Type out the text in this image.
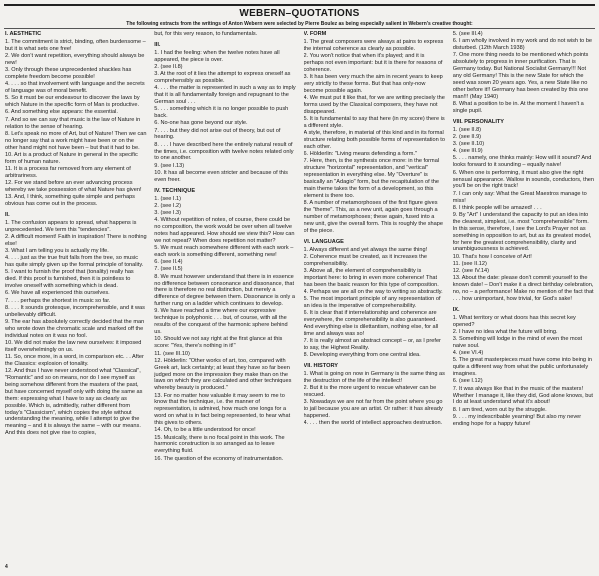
WEBERN–QUOTATIONS
The following extracts from the writings of Anton Webern were selected by Pierre Boulez as being especially salient in Webern's creative thought:

I. AESTHETIC

1. The commitment is strict, binding, often burdensome – but it is what sets one free!

2. We don't want repetition, everything should always be new!

3. Only through these unprecedented shackles has complete freedom become possible!

4. . . . so that involvement with language and the secrets of language was of moral benefit.

5. So it must be our endeavour to discover the laws by which Nature in the specific form of Man is productive.

6. And something else appears: the essential.

7. And so we can say that music is the law of Nature in relation to the sense of hearing.

8. Let's speak no more of Art, but of Nature! Then we can no longer say that a work might have been or on the other hand might not have been – but that it had to be.

10. Art is a product of Nature in general in the specific form of human nature.

11. It is a process far removed from any element of arbitrariness.

12. For we stand before an ever advancing process whereby we take possession of what Nature has given!

13. And, I think, something quite simple and perhaps obvious has come out in the process.

II.

1. The confusion appears to spread, what happens is unprecedented. We term this "tendencies".

2. A difficult moment! Faith in inspiration! There is nothing else!

3. What I am telling you is actually my life.

4. . . . just as the true fruit falls from the tree, so music has quite simply given up the formal principle of tonality.

5. I want to furnish the proof that (tonality) really has died. If this proof is furnished, then it is pointless to involve oneself with something which is dead.

6. We have all experienced this ourselves.

7. . . . perhaps the shortest in music so far.

8. . . . It sounds grotesque, incomprehensible, and it was unbelievably difficult.

9. The ear has absolutely correctly decided that the man who wrote down the chromatic scale and marked off the individual notes on it was no fool.

10. We did not make the law new ourselves: it imposed itself overwhelmingly on us.

11. So, once more, in a word, in comparison etc. . . After the Classics: explosion of tonality.

12. And thus I have never understood what "Classical", "Romantic" and so on means, nor do I see myself as being somehow different from the masters of the past, but have concerned myself only with doing the same as them: expressing what I have to say as clearly as possible. Which is, admittedly, rather different from today's "Classicism", which copies the style without understanding the meaning, while I attempt to give the meaning – and it is always the same – with our means. And this does not give rise to copies,

but, for this very reason, to fundamentals.

III.

1. I had the feeling: when the twelve notes have all appeared, the piece is over.

2. (see II.8)

3. At the root of it lies the attempt to express oneself as comprehensibly as possible.

4. . . . the matter is represented in such a way as to imply that it is all fundamentally foreign and repugnant to the German soul . . .

5. . . . something which it is no longer possible to push back.

6. No-one has gone beyond our style.

7. . . . but they did not arise out of theory, but out of hearing.

8. . . . I have described here the entirely natural result of the times, i.e. composition with twelve notes related only to one another.

9. (see I.13)

10. It has all become even stricter and because of this even freer.

IV. TECHNIQUE

1. (see I.1)

2. (see I.2)

3. (see I.3)

4. Without repetition of notes, of course, there could be no composition, the work would be over when all twelve notes had appeared. How should we view this? How can we not repeat? When does repetition not matter?

5. We must reach somewhere different with each work – each work is something different, something new!

6. (see II.4)

7. (see II.5)

8. We must however understand that there is in essence no difference between consonance and dissonance, that there is therefore no real distinction, but merely a difference of degree between them. Dissonance is only a further rung on a ladder which continues to develop.

9. We have reached a time where our expressive technique is polyphonic . . . but, of course, with all the results of the conquest of the harmonic sphere behind us.

10. Should we not say right at the first glance at this score: "Yes, there's nothing in it!"

11. (see III.10)

12. Hölderlin: "Other works of art, too, compared with Greek art, lack certainty; at least they have so far been judged more on the impression they make than on the laws on which they are calculated and other techniques whereby beauty is produced."

13. For no matter how valuable it may seem to me to know that the technique, i.e. the manner of representation, is admired, how much one longs for a word on what is in fact being represented, to hear what this gives to others.

14. Oh, to be a little understood for once!

15. Musically, there is no focal point in this work. The harmonic construction is so arranged as to leave everything fluid.

16. The question of the economy of instrumentation.

V. FORM

1. The great composers were always at pains to express the internal coherence as clearly as possible.

2. You won't notice that when it's played; and it is perhaps not even important: but it is there for reasons of coherence.

3. It has been very much the aim in recent years to keep very strictly to these forms. But that has only-now become possible again.

4. We must put it like that, for we are writing precisely the forms used by the Classical composers, they have not disappeared.

5. It is fundamental to say that here (in my score) there is a different style.

A style, therefore, in material of this kind and in its formal structure relating both possible forms of representation to each other.

6. Hölderlin: "Living means defending a form."

7. Here, then, is the synthesis once more: in the formal structure "horizontal" representation, and "vertical" representation in everything else. My "Overture" is basically an "Adagio" form, but the recapitulation of the main theme takes the form of a development, so this element is there too.

8. A number of metamorphoses of the first figure gives the "theme". This, as a new unit, again goes through a number of metamorphoses; these again, fused into a new unit, give the overall form. This is roughly the shape of the piece.

VI. LANGUAGE

1. Always different and yet always the same thing!

2. Coherence must be created, as it increases the comprehensibility.

3. Above all, the element of comprehensibility is important here: to bring in even more coherence! That has been the basic reason for this type of composition.

4. Perhaps we are all on the way to writing so abstractly.

5. The most important principle of any representation of an idea is the imperative of comprehensibility.

6. It is clear that if interrelationship and coherence are everywhere, the comprehensibility is also guaranteed. And everything else is dilettantism, nothing else, for all time and always was so!

7. It is really almost an abstract concept – or, as I prefer to say, the Highest Reality.

8. Developing everything from one central idea.

VII. HISTORY

1. What is going on now in Germany is the same thing as the destruction of the life of the intellect!

2. But it is the more urgent to rescue whatever can be rescued.

3. Nowadays we are not far from the point where you go to jail because you are an artist. Or rather: it has already happened.

4. . . . then the world of intellect approaches destruction.

5. (see III.4)

6. I am wholly involved in my work and do not wish to be disturbed. (12th March 1938)

7. One more thing needs to be mentioned which points absolutely to progress in inner purification. That is Germany today. But National Socialist Germany!!! Not any old Germany! This is the new State for which the seed was sown 20 years ago. Yes, a new State like no other before it!! Germany has been created by this one man!!! (May 1940)

8. What a position to be in. At the moment I haven't a single pupil.

VIII. PERSONALITY

1. (see II.8)

2. (see II.9)

3. (see II.10)

4. (see III.9)

5. . . . namely, one thinks mainly: How will it sound? And looks forward to it sounding – equally naive!

6. When one is performing, it must also give the right sensual appearance. Wallow in sounds, conductors, then you'll be on the right track!

7. I can only say: What the Great Maestros manage to miss!

8. I think people will be amazed! . . .

9. By "Art" I understand the capacity to put an idea into the clearest, simplest, i.e. most "comprehensible" form. In this sense, therefore, I see the Lord's Prayer not as something in opposition to art, but as its greatest model, for here the greatest comprehensibility, clarity and unambiguousness is achieved.

10. That's how I conceive of Art!

11. (see II.12)

12. (see IV.14)

13. About the date: please don't commit yourself to the known date! – Don't make it a direct birthday celebration, no, no – a performance! Make no mention of the fact that . . . how unimportant, how trivial, for God's sake!

IX.

1. What territory or what doors has this secret key opened?

2. I have no idea what the future will bring.

3. Something will lodge in the mind of even the most naive soul.

4. (see VI.4)

5. The great masterpieces must have come into being in quite a different way from what the public unfortunately imagines.

6. (see I.12)

7. It was always like that in the music of the masters! Whether I manage it, like they did, God alone knows, but I do at least understand what it's about!

8. I am tired, worn out by the struggle.

9. . . . my indescribable yearning! But also my never ending hope for a happy future!

4
